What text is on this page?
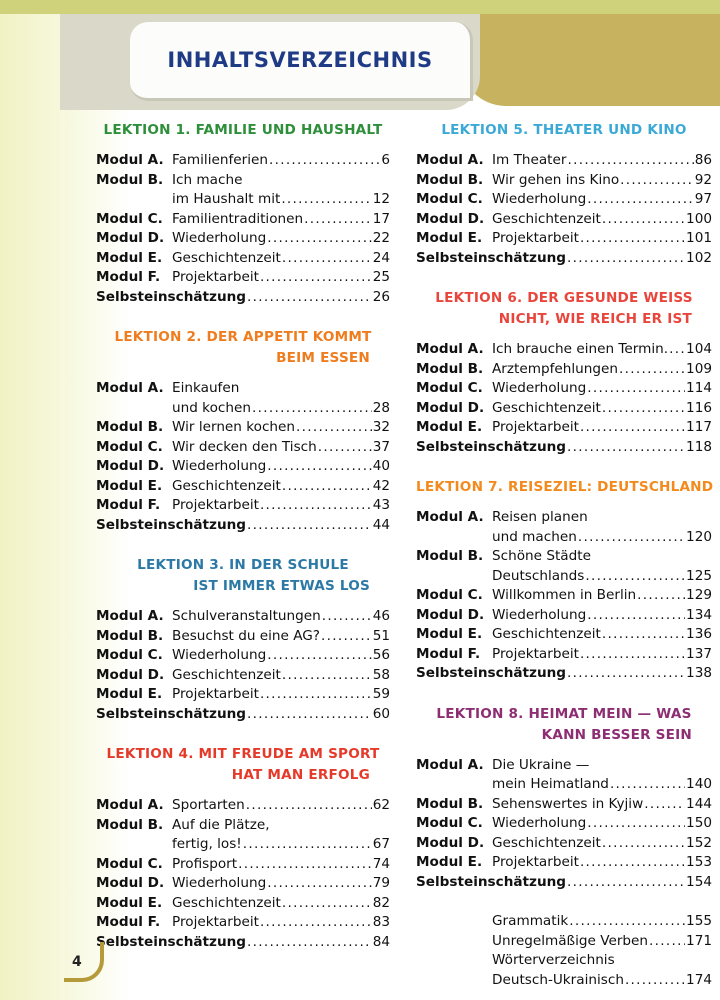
INHALTSVERZEICHNIS
LEKTION 1. FAMILIE UND HAUSHALT
Modul A. Familienferien .....	6
Modul B. Ich mache
im Haushalt mit .....	12
Modul C. Familientraditionen .....	17
Modul D. Wiederholung .....	22
Modul E. Geschichtenzeit .....	24
Modul F. Projektarbeit .....	25
Selbsteinschätzung .....	26
LEKTION 2. DER APPETIT KOMMT
BEIM ESSEN
Modul A. Einkaufen
und kochen .....	28
Modul B. Wir lernen kochen .....	32
Modul C. Wir decken den Tisch .....	37
Modul D. Wiederholung .....	40
Modul E. Geschichtenzeit .....	42
Modul F. Projektarbeit .....	43
Selbsteinschätzung .....	44
LEKTION 3. IN DER SCHULE
IST IMMER ETWAS LOS
Modul A. Schulveranstaltungen .....	46
Modul B. Besuchst du eine AG? .....	51
Modul C. Wiederholung .....	56
Modul D. Geschichtenzeit .....	58
Modul E. Projektarbeit .....	59
Selbsteinschätzung .....	60
LEKTION 4. MIT FREUDE AM SPORT
HAT MAN ERFOLG
Modul A. Sportarten .....	62
Modul B. Auf die Plätze,
fertig, los! .....	67
Modul C. Profisport .....	74
Modul D. Wiederholung .....	79
Modul E. Geschichtenzeit .....	82
Modul F. Projektarbeit .....	83
Selbsteinschätzung .....	84
LEKTION 5. THEATER UND KINO
Modul A. Im Theater .....	86
Modul B. Wir gehen ins Kino .....	92
Modul C. Wiederholung .....	97
Modul D. Geschichtenzeit .....	100
Modul E. Projektarbeit .....	101
Selbsteinschätzung .....	102
LEKTION 6. DER GESUNDE WEISS
NICHT, WIE REICH ER IST
Modul A. Ich brauche einen Termin. ..... 104
Modul B. Arztempfehlungen .....	109
Modul C. Wiederholung .....	114
Modul D. Geschichtenzeit .....	116
Modul E. Projektarbeit .....	117
Selbsteinschätzung .....	118
LEKTION 7. REISEZIEL: DEUTSCHLAND
Modul A. Reisen planen
und machen .....	120
Modul B. Schöne Städte
Deutschlands .....	125
Modul C. Willkommen in Berlin .....	129
Modul D. Wiederholung .....	134
Modul E. Geschichtenzeit .....	136
Modul F. Projektarbeit .....	137
Selbsteinschätzung .....	138
LEKTION 8. HEIMAT MEIN — WAS
KANN BESSER SEIN
Modul A. Die Ukraine —
mein Heimatland .....	140
Modul B. Sehenswertes in Kyjiw .....	144
Modul C. Wiederholung .....	150
Modul D. Geschichtenzeit .....	152
Modul E. Projektarbeit .....	153
Selbsteinschätzung .....	154
Grammatik .....	155
Unregelmäßige Verben .....	171
Wörterverzeichnis
Deutsch-Ukrainisch .....	174
4
